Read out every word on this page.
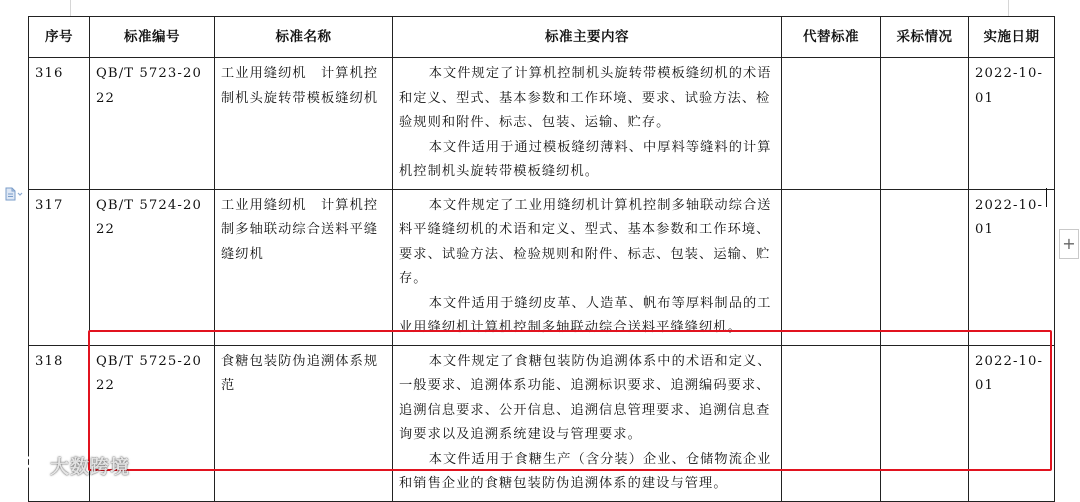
序号	标准编号	标准名称	标准主要内容	代替标准	采标情况	实施日期
316	QB/T 5723-2022	工业用缝纫机　计算机控制机头旋转带模板缝纫机	本文件规定了计算机控制机头旋转带模板缝纫机的术语和定义、型式、基本参数和工作环境、要求、试验方法、检验规则和附件、标志、包装、运输、贮存。

本文件适用于通过模板缝纫薄料、中厚料等缝料的计算机控制机头旋转带模板缝纫机。			2022-10-01
317	QB/T 5724-2022	工业用缝纫机　计算机控制多轴联动综合送料平缝缝纫机	本文件规定了工业用缝纫机计算机控制多轴联动综合送料平缝缝纫机的术语和定义、型式、基本参数和工作环境、要求、试验方法、检验规则和附件、标志、包装、运输、贮存。

本文件适用于缝纫皮革、人造革、帆布等厚料制品的工业用缝纫机计算机控制多轴联动综合送料平缝缝纫机。			2022-10-01
318	QB/T 5725-2022	食糖包装防伪追溯体系规范	本文件规定了食糖包装防伪追溯体系中的术语和定义、一般要求、追溯体系功能、追溯标识要求、追溯编码要求、追溯信息要求、公开信息、追溯信息管理要求、追溯信息查询要求以及追溯系统建设与管理要求。

本文件适用于食糖生产（含分装）企业、仓储物流企业和销售企业的食糖包装防伪追溯体系的建设与管理。			2022-10-01
+
大数跨境
